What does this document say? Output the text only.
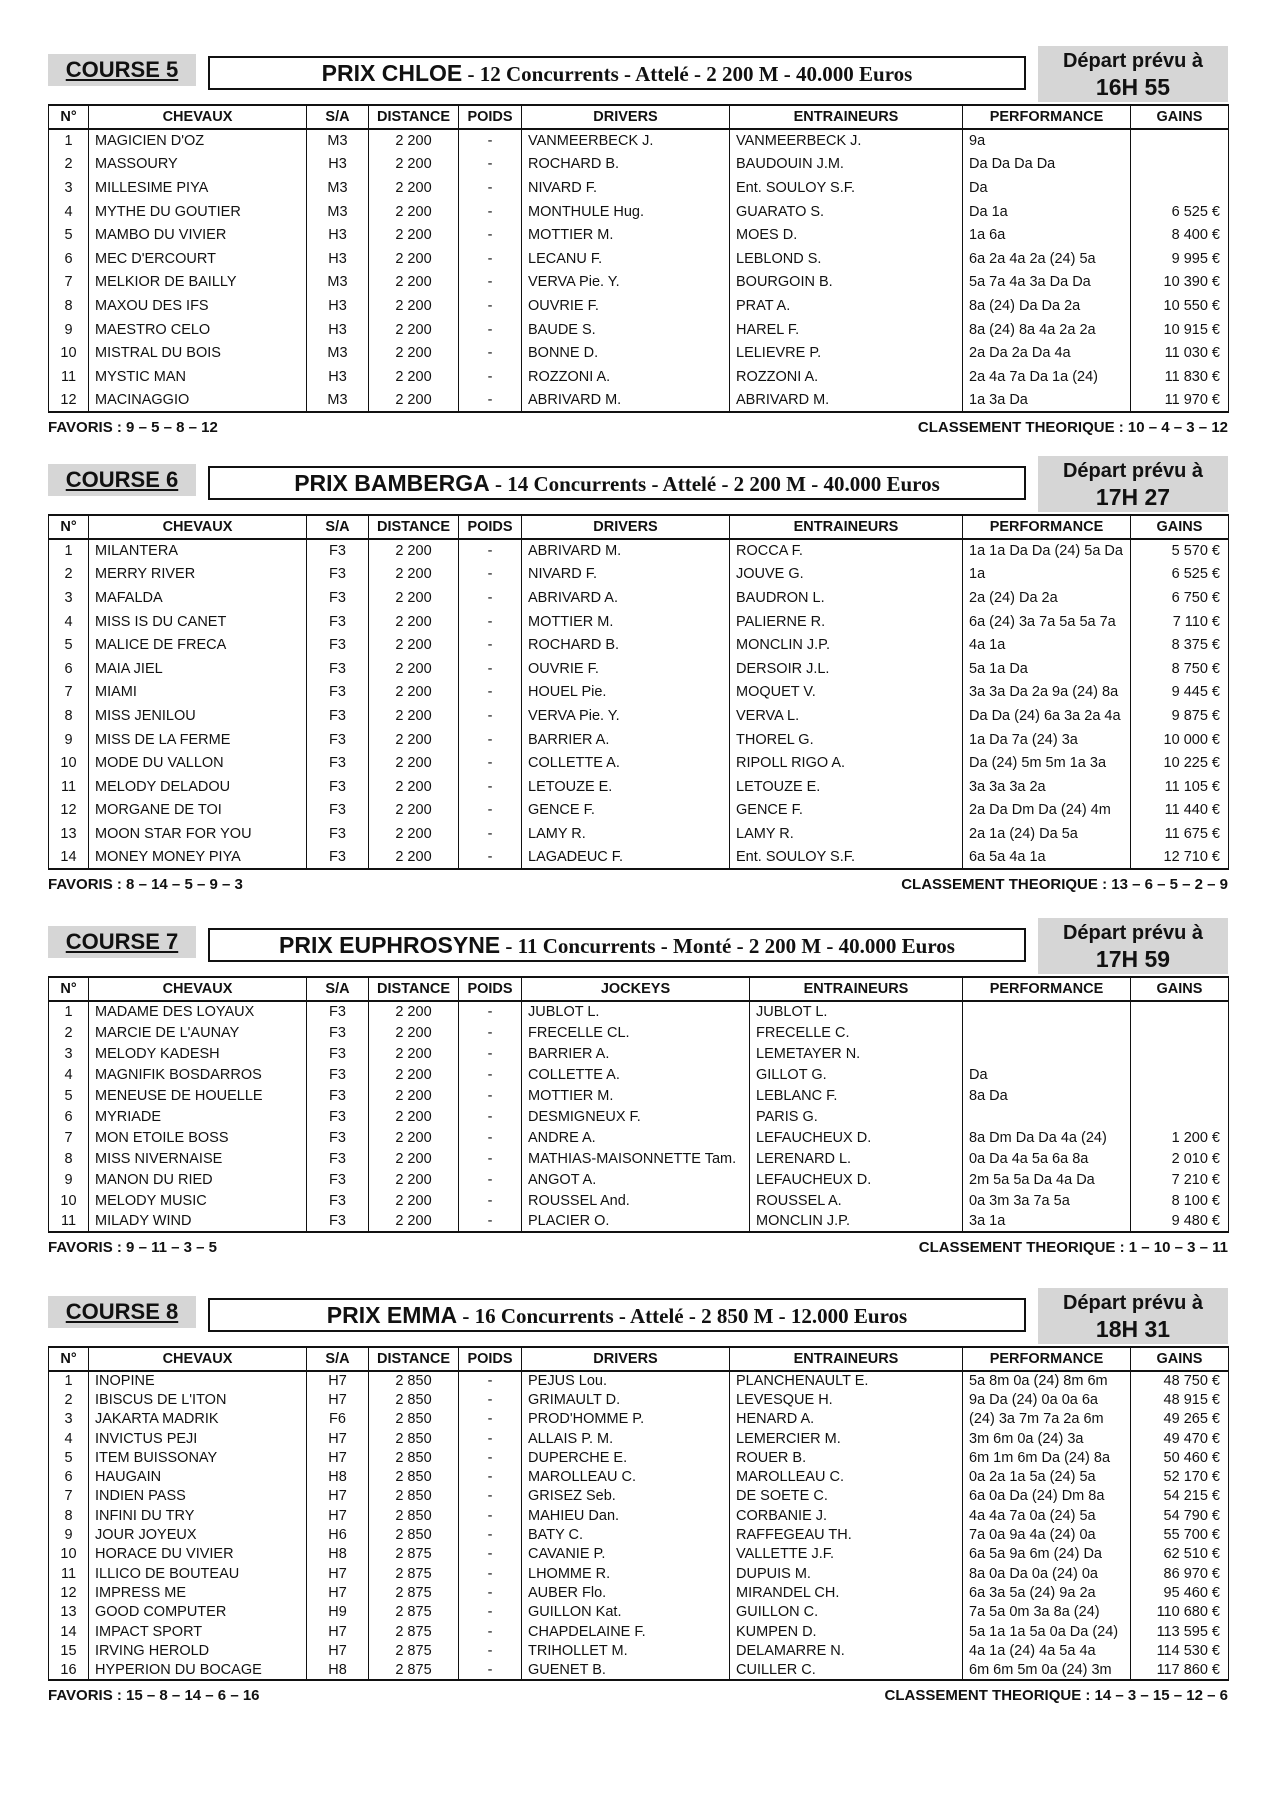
COURSE 5	PRIX CHLOE - 12 Concurrents - Attelé - 2 200 M - 40.000 Euros
Départ prévu à
16H 55
N°	CHEVAUX	S/A	DISTANCE	POIDS	DRIVERS	ENTRAINEURS	PERFORMANCE	GAINS
1	MAGICIEN D'OZ	M3	2 200	-	VANMEERBECK J.	VANMEERBECK J.	9a	
2	MASSOURY	H3	2 200	-	ROCHARD B.	BAUDOUIN J.M.	Da Da Da Da	
3	MILLESIME PIYA	M3	2 200	-	NIVARD F.	Ent. SOULOY S.F.	Da	
4	MYTHE DU GOUTIER	M3	2 200	-	MONTHULE Hug.	GUARATO S.	Da 1a	6 525 €
5	MAMBO DU VIVIER	H3	2 200	-	MOTTIER M.	MOES D.	1a 6a	8 400 €
6	MEC D'ERCOURT	H3	2 200	-	LECANU F.	LEBLOND S.	6a 2a 4a 2a (24) 5a	9 995 €
7	MELKIOR DE BAILLY	M3	2 200	-	VERVA Pie. Y.	BOURGOIN B.	5a 7a 4a 3a Da Da	10 390 €
8	MAXOU DES IFS	H3	2 200	-	OUVRIE F.	PRAT A.	8a (24) Da Da 2a	10 550 €
9	MAESTRO CELO	H3	2 200	-	BAUDE S.	HAREL F.	8a (24) 8a 4a 2a 2a	10 915 €
10	MISTRAL DU BOIS	M3	2 200	-	BONNE D.	LELIEVRE P.	2a Da 2a Da 4a	11 030 €
11	MYSTIC MAN	H3	2 200	-	ROZZONI A.	ROZZONI A.	2a 4a 7a Da 1a (24)	11 830 €
12	MACINAGGIO	M3	2 200	-	ABRIVARD M.	ABRIVARD M.	1a 3a Da	11 970 €
FAVORIS : 9 – 5 – 8 – 12	CLASSEMENT THEORIQUE : 10 – 4 – 3 – 12
COURSE 6	PRIX BAMBERGA - 14 Concurrents - Attelé - 2 200 M - 40.000 Euros
Départ prévu à
17H 27
N°	CHEVAUX	S/A	DISTANCE	POIDS	DRIVERS	ENTRAINEURS	PERFORMANCE	GAINS
1	MILANTERA	F3	2 200	-	ABRIVARD M.	ROCCA F.	1a 1a Da Da (24) 5a Da	5 570 €
2	MERRY RIVER	F3	2 200	-	NIVARD F.	JOUVE G.	1a	6 525 €
3	MAFALDA	F3	2 200	-	ABRIVARD A.	BAUDRON L.	2a (24) Da 2a	6 750 €
4	MISS IS DU CANET	F3	2 200	-	MOTTIER M.	PALIERNE R.	6a (24) 3a 7a 5a 5a 7a	7 110 €
5	MALICE DE FRECA	F3	2 200	-	ROCHARD B.	MONCLIN J.P.	4a 1a	8 375 €
6	MAIA JIEL	F3	2 200	-	OUVRIE F.	DERSOIR J.L.	5a 1a Da	8 750 €
7	MIAMI	F3	2 200	-	HOUEL Pie.	MOQUET V.	3a 3a Da 2a 9a (24) 8a	9 445 €
8	MISS JENILOU	F3	2 200	-	VERVA Pie. Y.	VERVA L.	Da Da (24) 6a 3a 2a 4a	9 875 €
9	MISS DE LA FERME	F3	2 200	-	BARRIER A.	THOREL G.	1a Da 7a (24) 3a	10 000 €
10	MODE DU VALLON	F3	2 200	-	COLLETTE A.	RIPOLL RIGO A.	Da (24) 5m 5m 1a 3a	10 225 €
11	MELODY DELADOU	F3	2 200	-	LETOUZE E.	LETOUZE E.	3a 3a 3a 2a	11 105 €
12	MORGANE DE TOI	F3	2 200	-	GENCE F.	GENCE F.	2a Da Dm Da (24) 4m	11 440 €
13	MOON STAR FOR YOU	F3	2 200	-	LAMY R.	LAMY R.	2a 1a (24) Da 5a	11 675 €
14	MONEY MONEY PIYA	F3	2 200	-	LAGADEUC F.	Ent. SOULOY S.F.	6a 5a 4a 1a	12 710 €
FAVORIS : 8 – 14 – 5 – 9 – 3	CLASSEMENT THEORIQUE : 13 – 6 – 5 – 2 – 9
COURSE 7	PRIX EUPHROSYNE - 11 Concurrents - Monté - 2 200 M - 40.000 Euros
Départ prévu à
17H 59
N°	CHEVAUX	S/A	DISTANCE	POIDS	JOCKEYS	ENTRAINEURS	PERFORMANCE	GAINS
1	MADAME DES LOYAUX	F3	2 200	-	JUBLOT L.	JUBLOT L.		
2	MARCIE DE L'AUNAY	F3	2 200	-	FRECELLE CL.	FRECELLE C.		
3	MELODY KADESH	F3	2 200	-	BARRIER A.	LEMETAYER N.		
4	MAGNIFIK BOSDARROS	F3	2 200	-	COLLETTE A.	GILLOT G.	Da	
5	MENEUSE DE HOUELLE	F3	2 200	-	MOTTIER M.	LEBLANC F.	8a Da	
6	MYRIADE	F3	2 200	-	DESMIGNEUX F.	PARIS G.		
7	MON ETOILE BOSS	F3	2 200	-	ANDRE A.	LEFAUCHEUX D.	8a Dm Da Da 4a (24)	1 200 €
8	MISS NIVERNAISE	F3	2 200	-	MATHIAS-MAISONNETTE Tam.	LERENARD L.	0a Da 4a 5a 6a 8a	2 010 €
9	MANON DU RIED	F3	2 200	-	ANGOT A.	LEFAUCHEUX D.	2m 5a 5a Da 4a Da	7 210 €
10	MELODY MUSIC	F3	2 200	-	ROUSSEL And.	ROUSSEL A.	0a 3m 3a 7a 5a	8 100 €
11	MILADY WIND	F3	2 200	-	PLACIER O.	MONCLIN J.P.	3a 1a	9 480 €
FAVORIS : 9 – 11 – 3 – 5	CLASSEMENT THEORIQUE : 1 – 10 – 3 – 11
COURSE 8	PRIX EMMA - 16 Concurrents - Attelé - 2 850 M - 12.000 Euros
Départ prévu à
18H 31
N°	CHEVAUX	S/A	DISTANCE	POIDS	DRIVERS	ENTRAINEURS	PERFORMANCE	GAINS
1	INOPINE	H7	2 850	-	PEJUS Lou.	PLANCHENAULT E.	5a 8m 0a (24) 8m 6m	48 750 €
2	IBISCUS DE L'ITON	H7	2 850	-	GRIMAULT D.	LEVESQUE H.	9a Da (24) 0a 0a 6a	48 915 €
3	JAKARTA MADRIK	F6	2 850	-	PROD'HOMME P.	HENARD A.	(24) 3a 7m 7a 2a 6m	49 265 €
4	INVICTUS PEJI	H7	2 850	-	ALLAIS P. M.	LEMERCIER M.	3m 6m 0a (24) 3a	49 470 €
5	ITEM BUISSONAY	H7	2 850	-	DUPERCHE E.	ROUER B.	6m 1m 6m Da (24) 8a	50 460 €
6	HAUGAIN	H8	2 850	-	MAROLLEAU C.	MAROLLEAU C.	0a 2a 1a 5a (24) 5a	52 170 €
7	INDIEN PASS	H7	2 850	-	GRISEZ Seb.	DE SOETE C.	6a 0a Da (24) Dm 8a	54 215 €
8	INFINI DU TRY	H7	2 850	-	MAHIEU Dan.	CORBANIE J.	4a 4a 7a 0a (24) 5a	54 790 €
9	JOUR JOYEUX	H6	2 850	-	BATY C.	RAFFEGEAU TH.	7a 0a 9a 4a (24) 0a	55 700 €
10	HORACE DU VIVIER	H8	2 875	-	CAVANIE P.	VALLETTE J.F.	6a 5a 9a 6m (24) Da	62 510 €
11	ILLICO DE BOUTEAU	H7	2 875	-	LHOMME R.	DUPUIS M.	8a 0a Da 0a (24) 0a	86 970 €
12	IMPRESS ME	H7	2 875	-	AUBER Flo.	MIRANDEL CH.	6a 3a 5a (24) 9a 2a	95 460 €
13	GOOD COMPUTER	H9	2 875	-	GUILLON Kat.	GUILLON C.	7a 5a 0m 3a 8a (24)	110 680 €
14	IMPACT SPORT	H7	2 875	-	CHAPDELAINE F.	KUMPEN D.	5a 1a 1a 5a 0a Da (24)	113 595 €
15	IRVING HEROLD	H7	2 875	-	TRIHOLLET M.	DELAMARRE N.	4a 1a (24) 4a 5a 4a	114 530 €
16	HYPERION DU BOCAGE	H8	2 875	-	GUENET B.	CUILLER C.	6m 6m 5m 0a (24) 3m	117 860 €
FAVORIS : 15 – 8 – 14 – 6 – 16	CLASSEMENT THEORIQUE : 14 – 3 – 15 – 12 – 6
